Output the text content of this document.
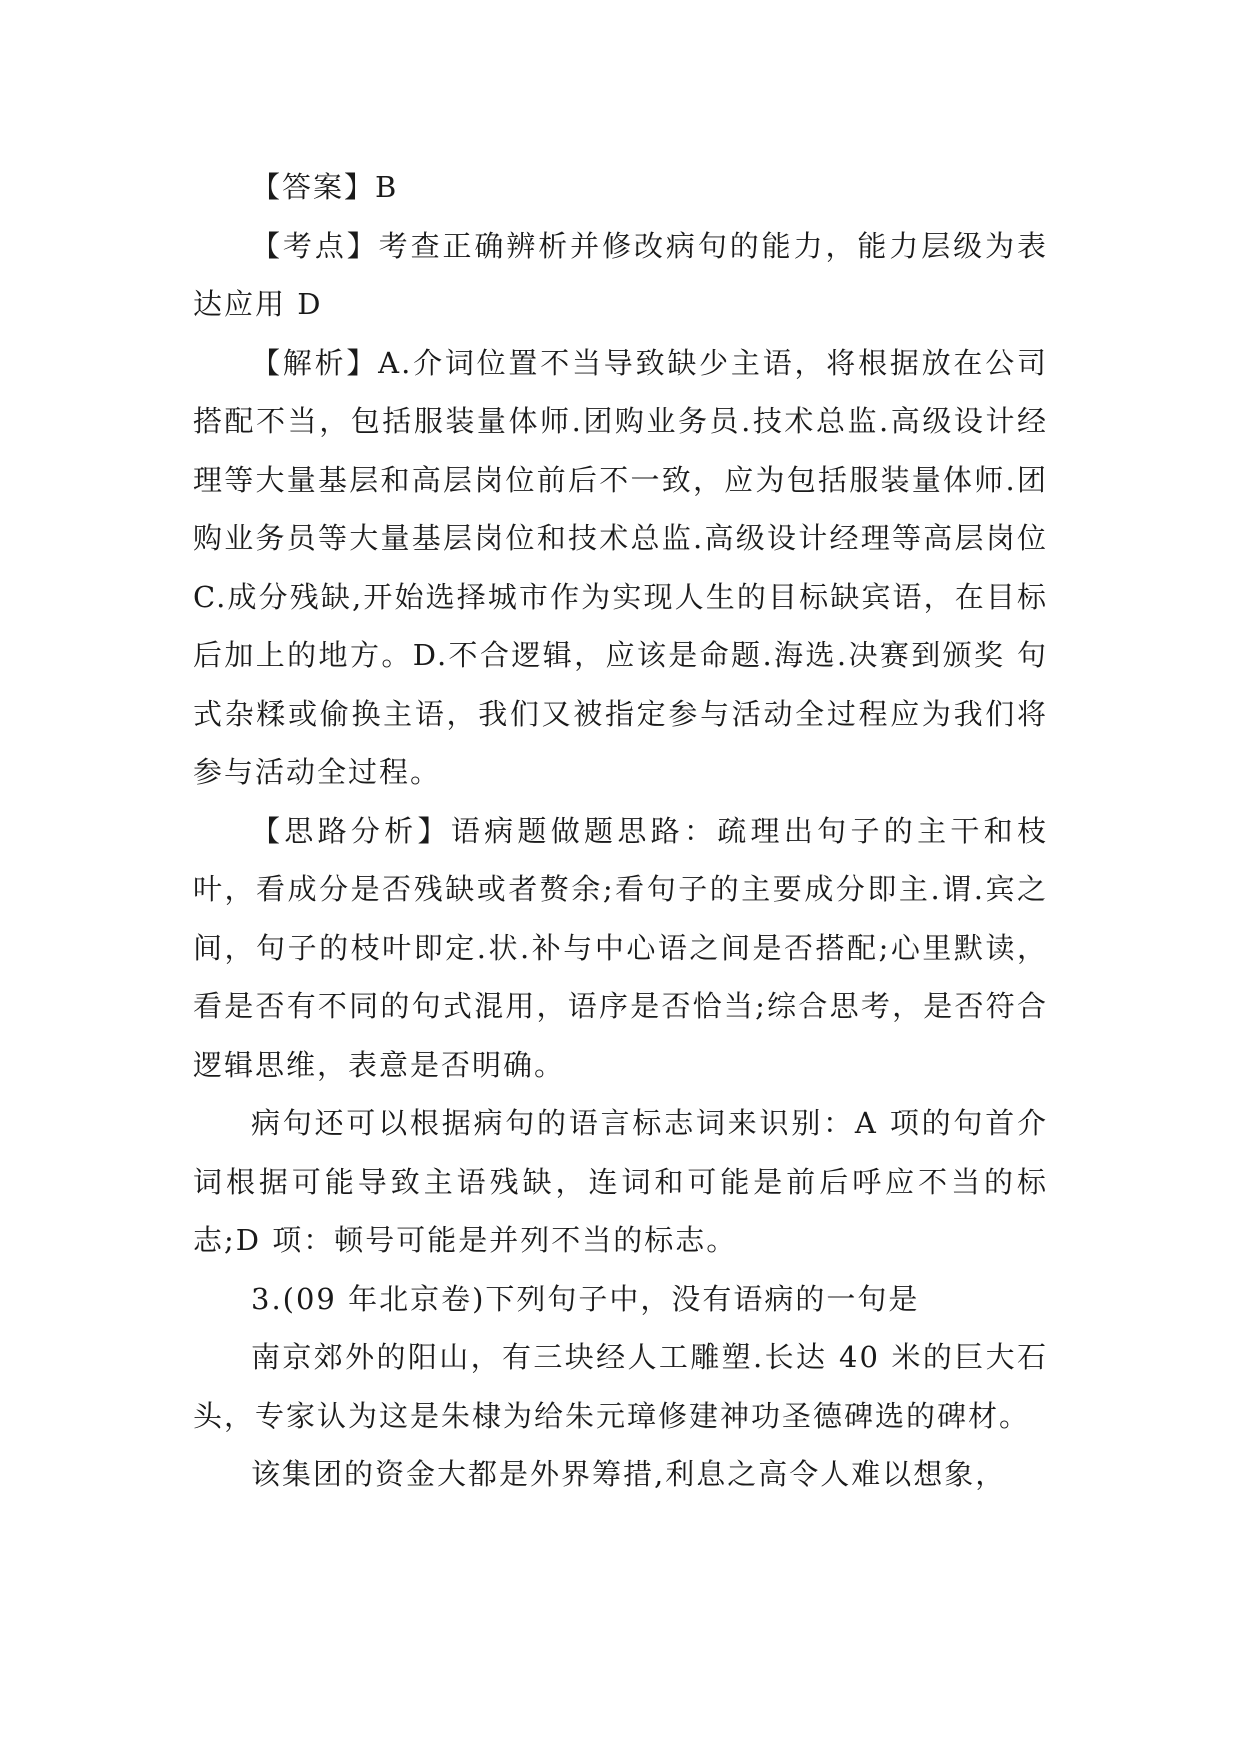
【答案】B

【考点】考查正确辨析并修改病句的能力，能力层级为表达应用 D

【解析】A.介词位置不当导致缺少主语，将根据放在公司搭配不当，包括服装量体师.团购业务员.技术总监.高级设计经理等大量基层和高层岗位前后不一致，应为包括服装量体师.团购业务员等大量基层岗位和技术总监.高级设计经理等高层岗位 C.成分残缺,开始选择城市作为实现人生的目标缺宾语，在目标后加上的地方。D.不合逻辑，应该是命题.海选.决赛到颁奖 句式杂糅或偷换主语，我们又被指定参与活动全过程应为我们将参与活动全过程。

【思路分析】语病题做题思路：疏理出句子的主干和枝叶，看成分是否残缺或者赘余;看句子的主要成分即主.谓.宾之间，句子的枝叶即定.状.补与中心语之间是否搭配;心里默读，看是否有不同的句式混用，语序是否恰当;综合思考，是否符合逻辑思维，表意是否明确。

病句还可以根据病句的语言标志词来识别：A 项的句首介词根据可能导致主语残缺，连词和可能是前后呼应不当的标志;D 项：顿号可能是并列不当的标志。

3.(09 年北京卷)下列句子中，没有语病的一句是

南京郊外的阳山，有三块经人工雕塑.长达 40 米的巨大石头，专家认为这是朱棣为给朱元璋修建神功圣德碑选的碑材。

该集团的资金大都是外界筹措,利息之高令人难以想象，
